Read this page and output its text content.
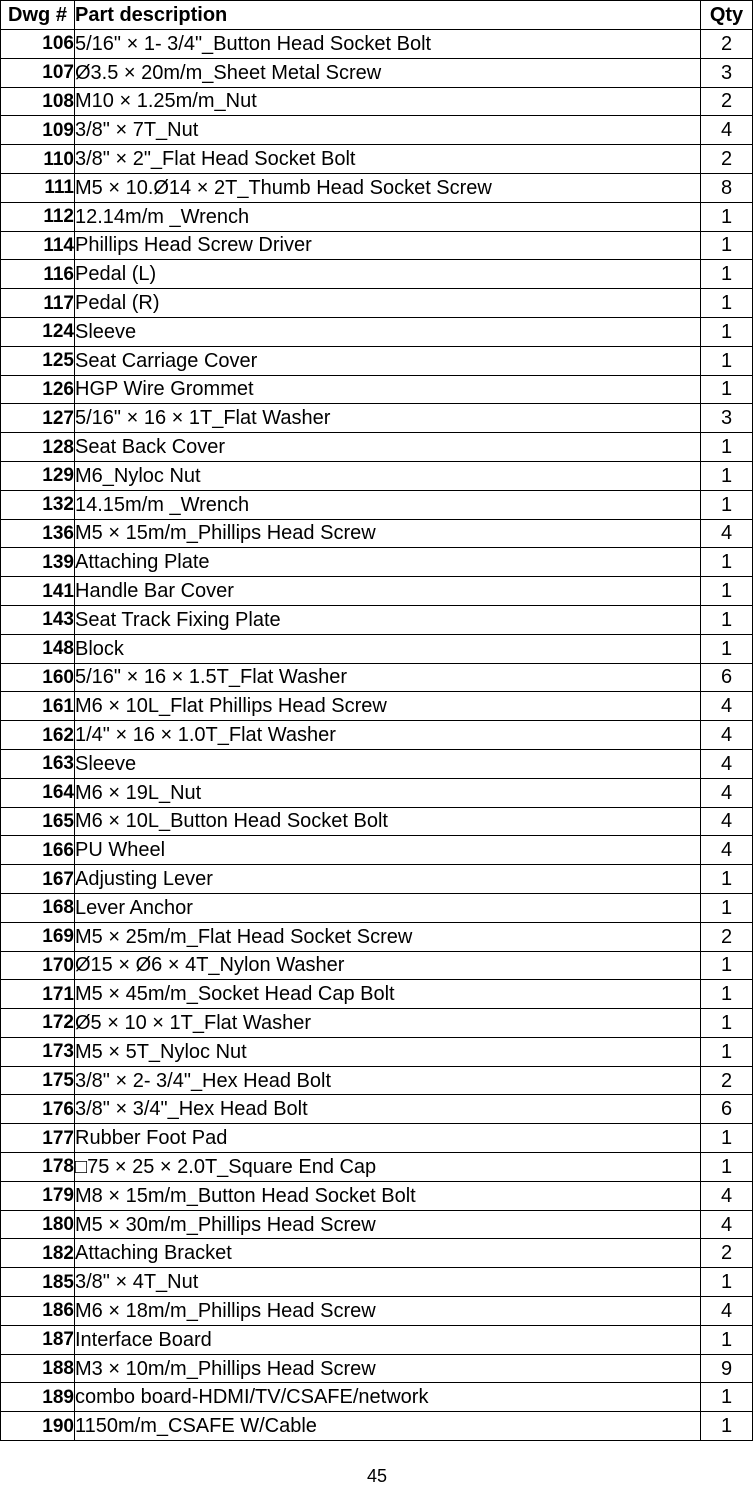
Dwg #	Part description	Qty
106	5/16" × 1- 3/4"_Button Head Socket Bolt	2
107	Ø3.5 × 20m/m_Sheet Metal Screw	3
108	M10 × 1.25m/m_Nut	2
109	3/8" × 7T_Nut	4
110	3/8" × 2"_Flat Head Socket Bolt	2
111	M5 × 10.Ø14 × 2T_Thumb Head Socket Screw	8
112	12.14m/m _Wrench	1
114	Phillips Head Screw Driver	1
116	Pedal (L)	1
117	Pedal (R)	1
124	Sleeve	1
125	Seat Carriage Cover	1
126	HGP Wire Grommet	1
127	5/16" × 16 × 1T_Flat Washer	3
128	Seat Back Cover	1
129	M6_Nyloc Nut	1
132	14.15m/m _Wrench	1
136	M5 × 15m/m_Phillips Head Screw	4
139	Attaching Plate	1
141	Handle Bar Cover	1
143	Seat Track Fixing Plate	1
148	Block	1
160	5/16" × 16 × 1.5T_Flat Washer	6
161	M6 × 10L_Flat Phillips Head Screw	4
162	1/4" × 16 × 1.0T_Flat Washer	4
163	Sleeve	4
164	M6 × 19L_Nut	4
165	M6 × 10L_Button Head Socket Bolt	4
166	PU Wheel	4
167	Adjusting Lever	1
168	Lever Anchor	1
169	M5 × 25m/m_Flat Head Socket Screw	2
170	Ø15 × Ø6 × 4T_Nylon Washer	1
171	M5 × 45m/m_Socket Head Cap Bolt	1
172	Ø5 × 10 × 1T_Flat Washer	1
173	M5 × 5T_Nyloc Nut	1
175	3/8" × 2- 3/4"_Hex Head Bolt	2
176	3/8" × 3/4"_Hex Head Bolt	6
177	Rubber Foot Pad	1
178	□75 × 25 × 2.0T_Square End Cap	1
179	M8 × 15m/m_Button Head Socket Bolt	4
180	M5 × 30m/m_Phillips Head Screw	4
182	Attaching Bracket	2
185	3/8" × 4T_Nut	1
186	M6 × 18m/m_Phillips Head Screw	4
187	Interface Board	1
188	M3 × 10m/m_Phillips Head Screw	9
189	combo board-HDMI/TV/CSAFE/network	1
190	1150m/m_CSAFE W/Cable	1
45
